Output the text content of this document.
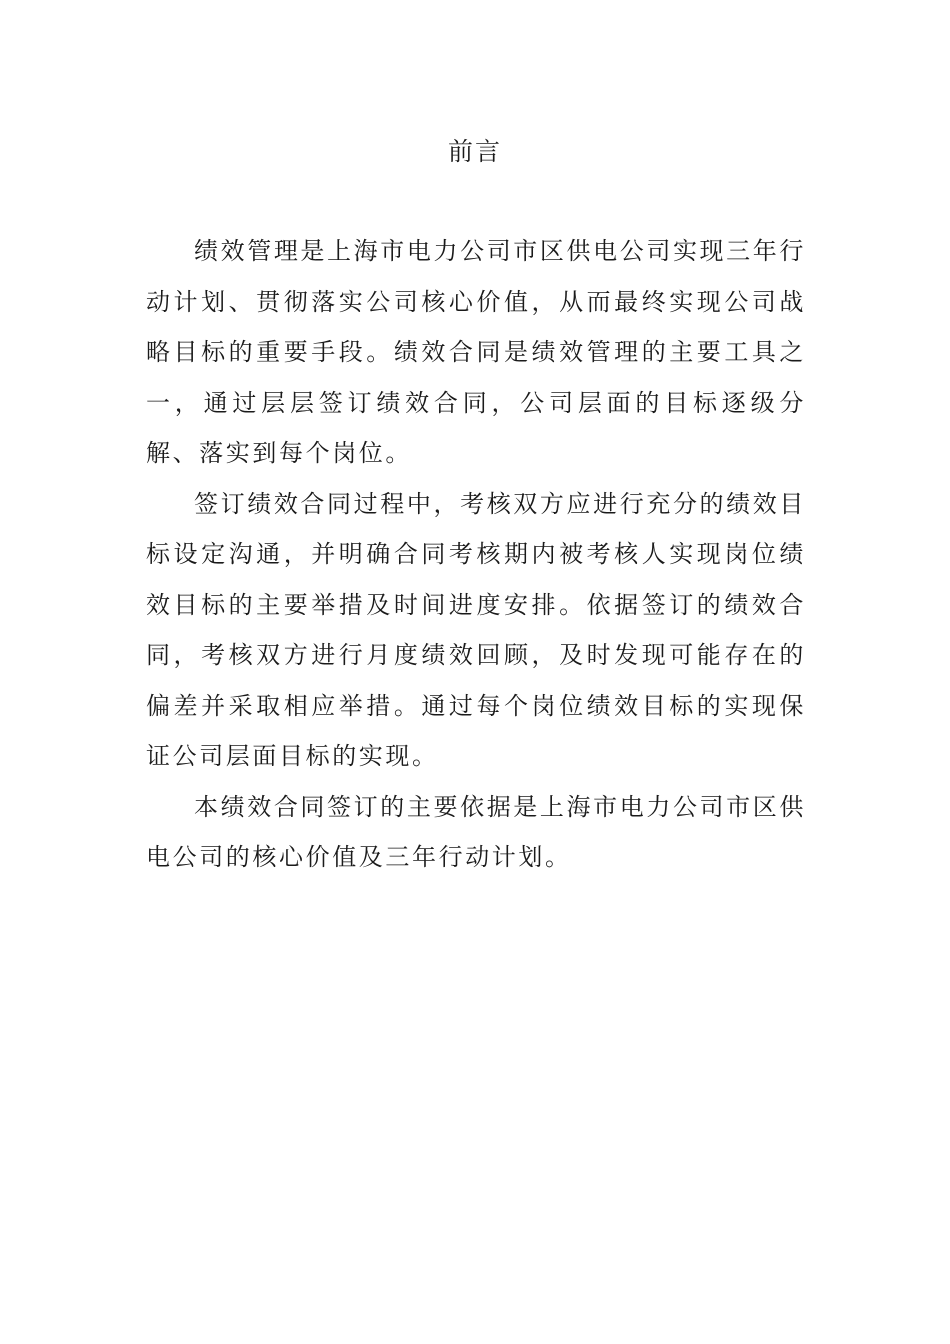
前言

绩效管理是上海市电力公司市区供电公司实现三年行动计划、贯彻落实公司核心价值，从而最终实现公司战略目标的重要手段。绩效合同是绩效管理的主要工具之一，通过层层签订绩效合同，公司层面的目标逐级分解、落实到每个岗位。

签订绩效合同过程中，考核双方应进行充分的绩效目标设定沟通，并明确合同考核期内被考核人实现岗位绩效目标的主要举措及时间进度安排。依据签订的绩效合同，考核双方进行月度绩效回顾，及时发现可能存在的偏差并采取相应举措。通过每个岗位绩效目标的实现保证公司层面目标的实现。

本绩效合同签订的主要依据是上海市电力公司市区供电公司的核心价值及三年行动计划。
